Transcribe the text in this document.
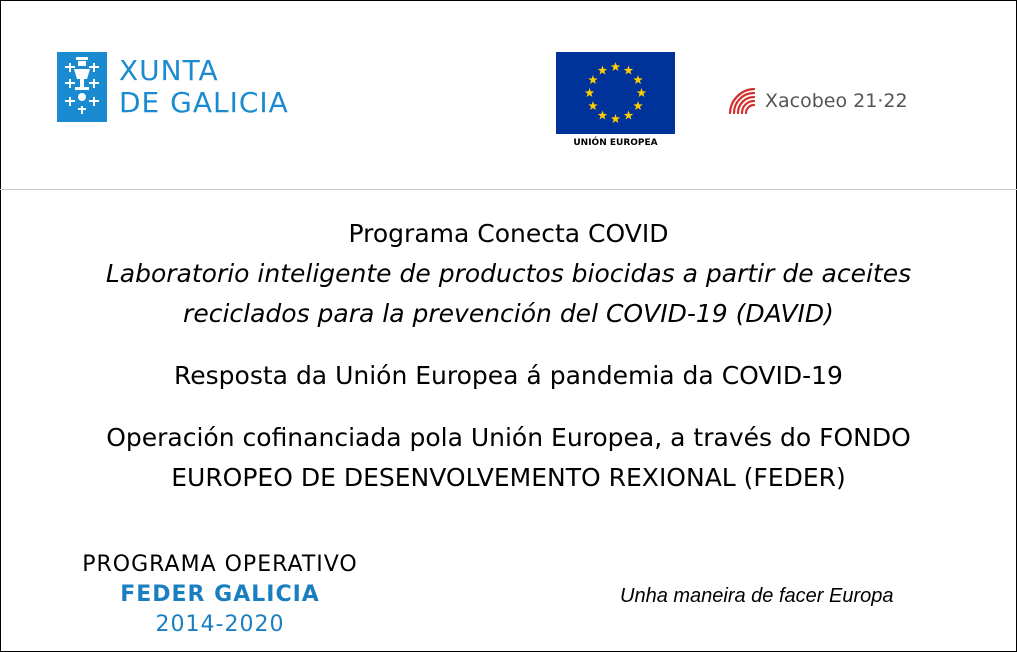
XUNTA
DE GALICIA
UNIÓN EUROPEA
Xacobeo 21·22
Programa Conecta COVID
Laboratorio inteligente de productos biocidas a partir de aceites
reciclados para la prevención del COVID-19 (DAVID)
Resposta da Unión Europea á pandemia da COVID-19
Operación cofinanciada pola Unión Europea, a través do FONDO
EUROPEO DE DESENVOLVEMENTO REXIONAL (FEDER)
PROGRAMA OPERATIVO
FEDER GALICIA
2014-2020
Unha maneira de facer Europa
